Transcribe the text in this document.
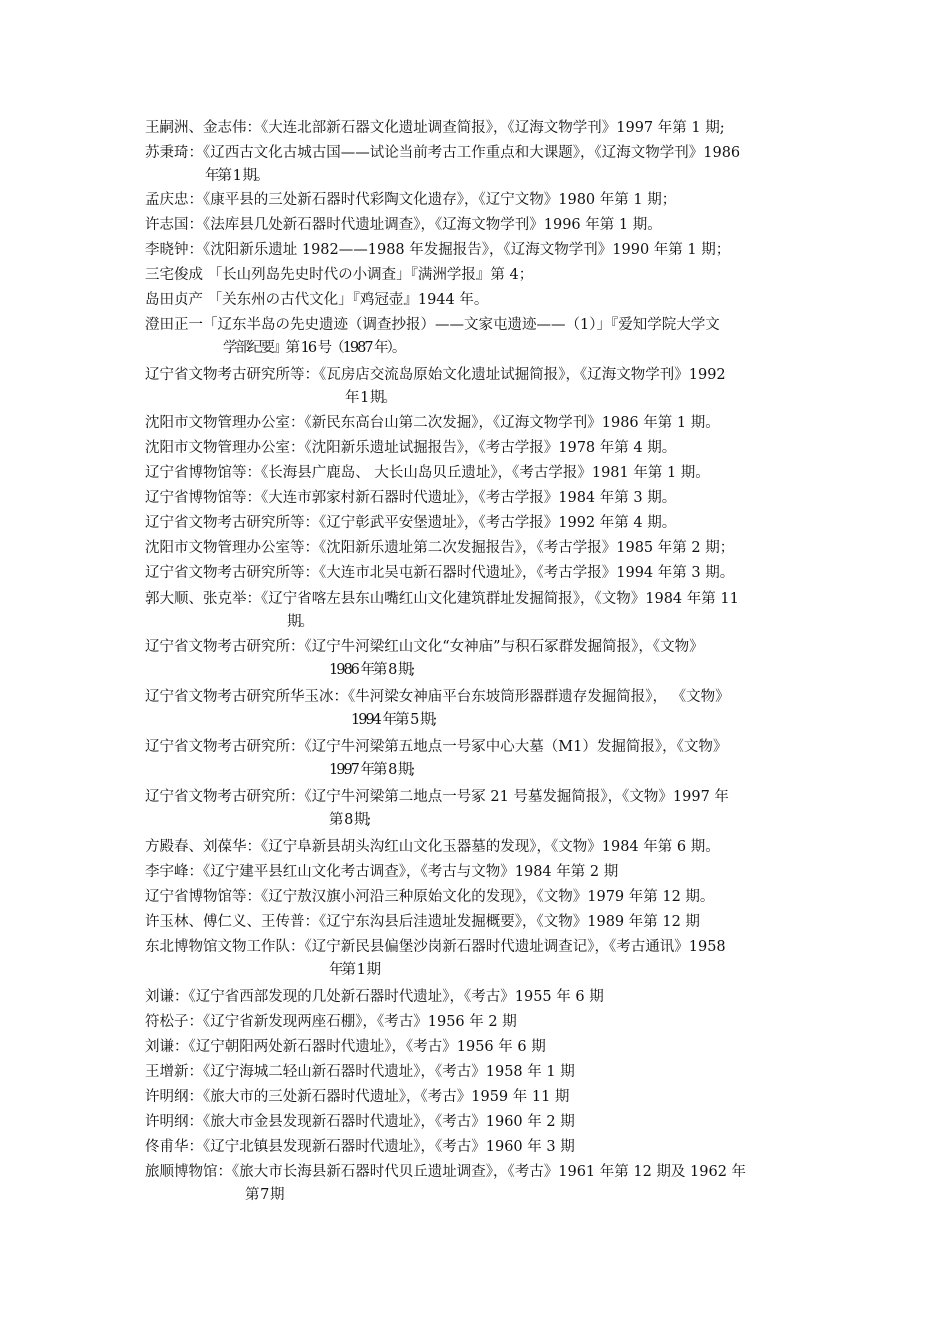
王嗣洲、金志伟：《大连北部新石器文化遗址调查简报》，《辽海文物学刊》1997 年第 1 期;

苏秉琦：《辽西古文化古城古国——试论当前考古工作重点和大课题》，《辽海文物学刊》1986
年第 1 期。

孟庆忠：《康平县的三处新石器时代彩陶文化遗存》，《辽宁文物》1980 年第 1 期；

许志国：《法库县几处新石器时代遗址调查》，《辽海文物学刊》1996 年第 1 期。

李晓钟：《沈阳新乐遗址 1982——1988 年发掘报告》，《辽海文物学刊》1990 年第 1 期；

三宅俊成 「长山列岛先史时代の小调査」『满洲学报』第 4；

岛田贞产 「关东州の古代文化」『鸡冠壶』1944 年。

澄田正一「辽东半岛の先史遗迹（调查抄报）——文家屯遗迹——（1）」『爱知学院大学文
学部纪要』第 16 号（1987 年）。

辽宁省文物考古研究所等：《瓦房店交流岛原始文化遗址试掘简报》，《辽海文物学刊》1992
年 1 期。

沈阳市文物管理办公室：《新民东高台山第二次发掘》，《辽海文物学刊》1986 年第 1 期。

沈阳市文物管理办公室：《沈阳新乐遗址试掘报告》，《考古学报》1978 年第 4 期。

辽宁省博物馆等：《长海县广鹿岛、 大长山岛贝丘遗址》，《考古学报》1981 年第 1 期。

辽宁省博物馆等：《大连市郭家村新石器时代遗址》，《考古学报》1984 年第 3 期。

辽宁省文物考古研究所等：《辽宁彰武平安堡遗址》，《考古学报》1992 年第 4 期。

沈阳市文物管理办公室等：《沈阳新乐遗址第二次发掘报告》，《考古学报》1985 年第 2 期；

辽宁省文物考古研究所等：《大连市北吴屯新石器时代遗址》，《考古学报》1994 年第 3 期。

郭大顺、张克举：《辽宁省喀左县东山嘴红山文化建筑群址发掘简报》，《文物》1984 年第 11
期。

辽宁省文物考古研究所：《辽宁牛河梁红山文化“女神庙”与积石冢群发掘简报》，《文物》
1986 年第 8 期;

辽宁省文物考古研究所华玉冰：《牛河梁女神庙平台东坡筒形器群遗存发掘简报》， 《文物》
1994 年第 5 期;

辽宁省文物考古研究所：《辽宁牛河梁第五地点一号冢中心大墓（M1）发掘简报》，《文物》
1997 年第 8 期;

辽宁省文物考古研究所：《辽宁牛河梁第二地点一号冢 21 号墓发掘简报》，《文物》1997 年
第 8 期;

方殿春、刘葆华：《辽宁阜新县胡头沟红山文化玉器墓的发现》，《文物》1984 年第 6 期。

李宇峰：《辽宁建平县红山文化考古调查》，《考古与文物》1984 年第 2 期

辽宁省博物馆等：《辽宁敖汉旗小河沿三种原始文化的发现》，《文物》1979 年第 12 期。

许玉林、傅仁义、王传普：《辽宁东沟县后洼遗址发掘概要》，《文物》1989 年第 12 期

东北博物馆文物工作队：《辽宁新民县偏堡沙岗新石器时代遗址调查记》，《考古通讯》1958
年第 1 期

刘谦：《辽宁省西部发现的几处新石器时代遗址》，《考古》1955 年 6 期

符松子：《辽宁省新发现两座石棚》，《考古》1956 年 2 期

刘谦：《辽宁朝阳两处新石器时代遗址》，《考古》1956 年 6 期

王增新：《辽宁海城二轻山新石器时代遗址》，《考古》1958 年 1 期

许明纲：《旅大市的三处新石器时代遗址》，《考古》1959 年 11 期

许明纲：《旅大市金县发现新石器时代遗址》，《考古》1960 年 2 期

佟甫华：《辽宁北镇县发现新石器时代遗址》，《考古》1960 年 3 期

旅顺博物馆：《旅大市长海县新石器时代贝丘遗址调查》，《考古》1961 年第 12 期及 1962 年
第 7 期
